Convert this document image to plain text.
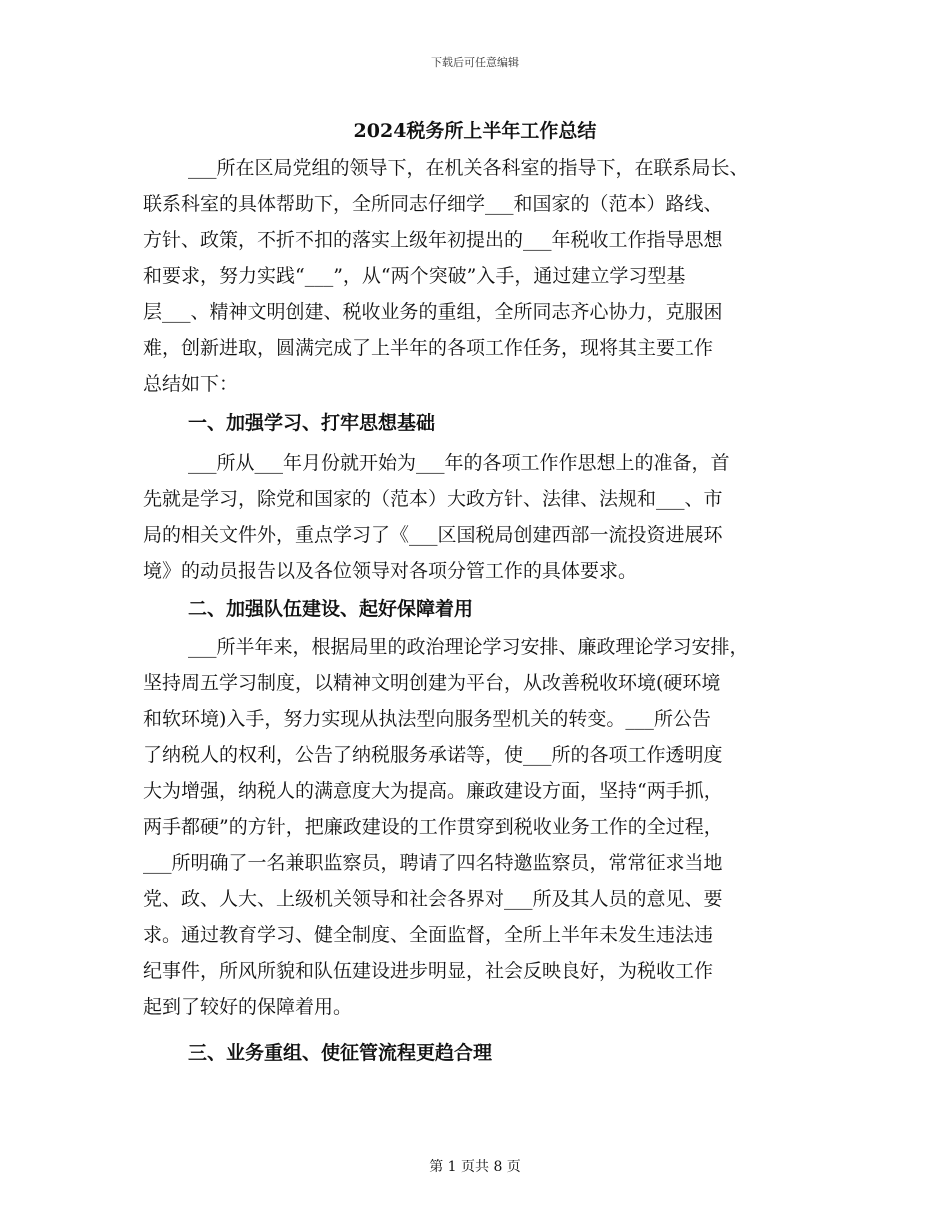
下载后可任意编辑
2024税务所上半年工作总结
___所在区局党组的领导下，在机关各科室的指导下，在联系局长、
联系科室的具体帮助下，全所同志仔细学___和国家的（范本）路线、
方针、政策，不折不扣的落实上级年初提出的___年税收工作指导思想
和要求，努力实践“___”，从“两个突破”入手，通过建立学习型基
层___、精神文明创建、税收业务的重组，全所同志齐心协力，克服困
难，创新进取，圆满完成了上半年的各项工作任务，现将其主要工作
总结如下：
一、加强学习、打牢思想基础
___所从___年月份就开始为___年的各项工作作思想上的准备，首
先就是学习，除党和国家的（范本）大政方针、法律、法规和___、市
局的相关文件外，重点学习了《___区国税局创建西部一流投资进展环
境》的动员报告以及各位领导对各项分管工作的具体要求。
二、加强队伍建设、起好保障着用
___所半年来，根据局里的政治理论学习安排、廉政理论学习安排，
坚持周五学习制度，以精神文明创建为平台，从改善税收环境(硬环境
和软环境)入手，努力实现从执法型向服务型机关的转变。___所公告
了纳税人的权利，公告了纳税服务承诺等，使___所的各项工作透明度
大为增强，纳税人的满意度大为提高。廉政建设方面，坚持“两手抓，
两手都硬”的方针，把廉政建设的工作贯穿到税收业务工作的全过程，
___所明确了一名兼职监察员，聘请了四名特邀监察员，常常征求当地
党、政、人大、上级机关领导和社会各界对___所及其人员的意见、要
求。通过教育学习、健全制度、全面监督，全所上半年未发生违法违
纪事件，所风所貌和队伍建设进步明显，社会反映良好，为税收工作
起到了较好的保障着用。
三、业务重组、使征管流程更趋合理
第 1 页共 8 页
